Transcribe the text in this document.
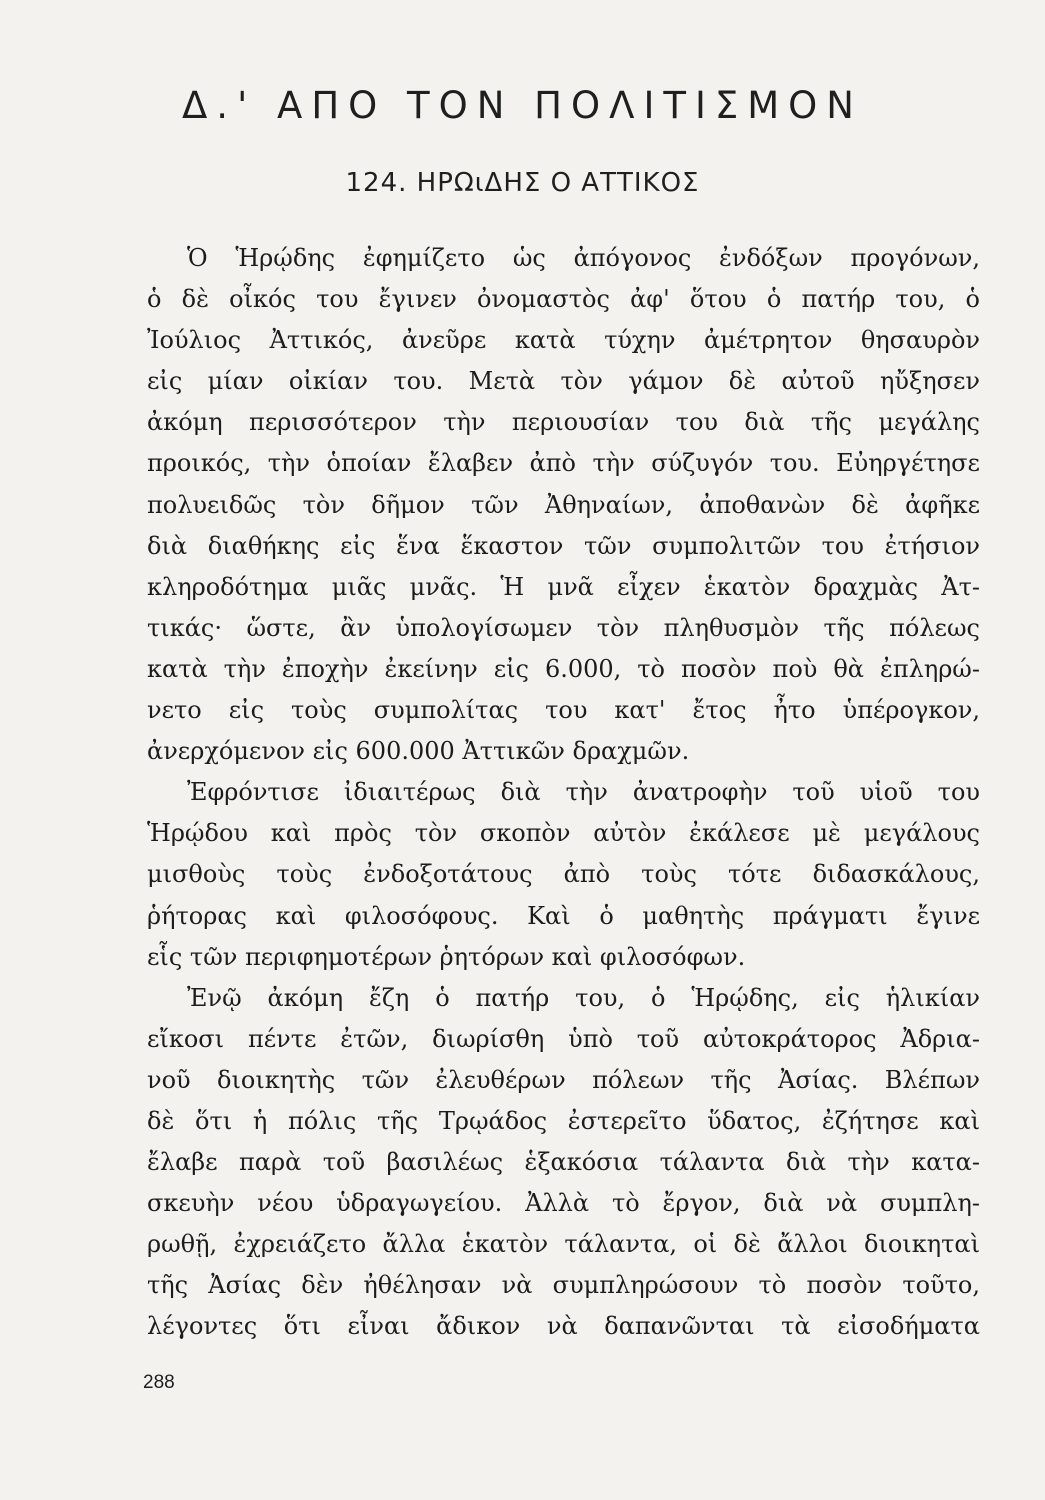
Δ.' ΑΠΟ ΤΟΝ ΠΟΛΙΤΙΣΜΟΝ
124. ΗΡΩιΔΗΣ Ο ΑΤΤΙΚΟΣ
Ὁ Ἡρῴδης ἐφημίζετο ὡς ἀπόγονος ἐνδόξων προγόνων,
ὁ δὲ οἶκός του ἔγινεν ὀνομαστὸς ἀφ' ὅτου ὁ πατήρ του, ὁ
Ἰούλιος Ἀττικός, ἀνεῦρε κατὰ τύχην ἀμέτρητον θησαυρὸν
εἰς μίαν οἰκίαν του. Μετὰ τὸν γάμον δὲ αὐτοῦ ηὔξησεν
ἀκόμη περισσότερον τὴν περιουσίαν του διὰ τῆς μεγάλης
προικός, τὴν ὁποίαν ἔλαβεν ἀπὸ τὴν σύζυγόν του. Εὐηργέτησε
πολυειδῶς τὸν δῆμον τῶν Ἀθηναίων, ἀποθανὼν δὲ ἀφῆκε
διὰ διαθήκης εἰς ἕνα ἕκαστον τῶν συμπολιτῶν του ἐτήσιον
κληροδότημα μιᾶς μνᾶς. Ἡ μνᾶ εἶχεν ἑκατὸν δραχμὰς Ἀτ-
τικάς· ὥστε, ἂν ὑπολογίσωμεν τὸν πληθυσμὸν τῆς πόλεως
κατὰ τὴν ἐποχὴν ἐκείνην εἰς 6.000, τὸ ποσὸν ποὺ θὰ ἐπληρώ-
νετο εἰς τοὺς συμπολίτας του κατ' ἔτος ἦτο ὑπέρογκον,
ἀνερχόμενον εἰς 600.000 Ἀττικῶν δραχμῶν.
Ἐφρόντισε ἰδιαιτέρως διὰ τὴν ἀνατροφὴν τοῦ υἱοῦ του
Ἡρῴδου καὶ πρὸς τὸν σκοπὸν αὐτὸν ἐκάλεσε μὲ μεγάλους
μισθοὺς τοὺς ἐνδοξοτάτους ἀπὸ τοὺς τότε διδασκάλους,
ῥήτορας καὶ φιλοσόφους. Καὶ ὁ μαθητὴς πράγματι ἔγινε
εἷς τῶν περιφημοτέρων ῥητόρων καὶ φιλοσόφων.
Ἐνῷ ἀκόμη ἔζη ὁ πατήρ του, ὁ Ἡρῴδης, εἰς ἡλικίαν
εἴκοσι πέντε ἐτῶν, διωρίσθη ὑπὸ τοῦ αὐτοκράτορος Ἀδρια-
νοῦ διοικητὴς τῶν ἐλευθέρων πόλεων τῆς Ἀσίας. Βλέπων
δὲ ὅτι ἡ πόλις τῆς Τρῳάδος ἐστερεῖτο ὕδατος, ἐζήτησε καὶ
ἔλαβε παρὰ τοῦ βασιλέως ἑξακόσια τάλαντα διὰ τὴν κατα-
σκευὴν νέου ὑδραγωγείου. Ἀλλὰ τὸ ἔργον, διὰ νὰ συμπλη-
ρωθῇ, ἐχρειάζετο ἄλλα ἑκατὸν τάλαντα, οἱ δὲ ἄλλοι διοικηταὶ
τῆς Ἀσίας δὲν ἠθέλησαν νὰ συμπληρώσουν τὸ ποσὸν τοῦτο,
λέγοντες ὅτι εἶναι ἄδικον νὰ δαπανῶνται τὰ εἰσοδήματα
288
